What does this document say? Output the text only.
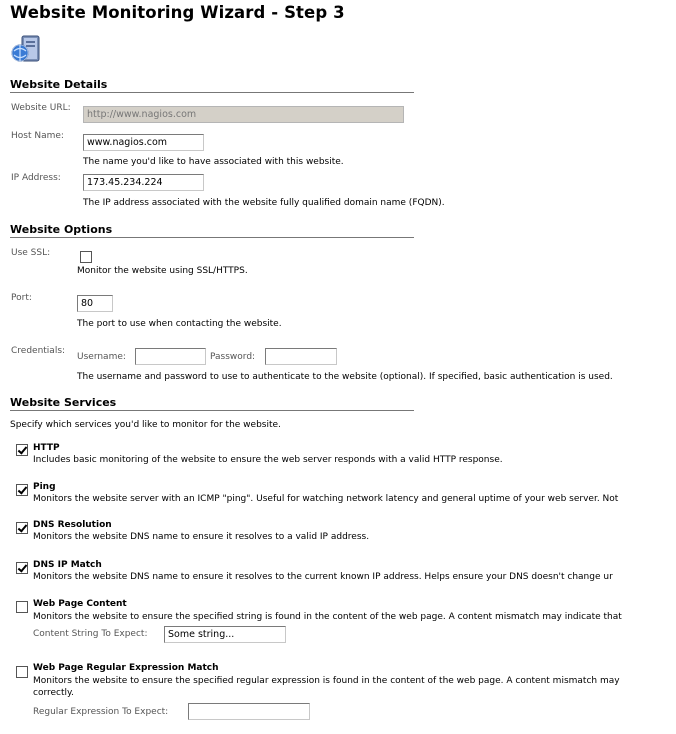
Website Monitoring Wizard - Step 3
Website Details
Website URL:
http://www.nagios.com
Host Name:
www.nagios.com
The name you'd like to have associated with this website.
IP Address:
173.45.234.224
The IP address associated with the website fully qualified domain name (FQDN).
Website Options
Use SSL:
Monitor the website using SSL/HTTPS.
Port:
80
The port to use when contacting the website.
Credentials:
Username:	Password:
The username and password to use to authenticate to the website (optional). If specified, basic authentication is used.
Website Services
Specify which services you'd like to monitor for the website.
HTTP
Includes basic monitoring of the website to ensure the web server responds with a valid HTTP response.
Ping
Monitors the website server with an ICMP "ping". Useful for watching network latency and general uptime of your web server. Not
DNS Resolution
Monitors the website DNS name to ensure it resolves to a valid IP address.
DNS IP Match
Monitors the website DNS name to ensure it resolves to the current known IP address. Helps ensure your DNS doesn't change ur
Web Page Content
Monitors the website to ensure the specified string is found in the content of the web page. A content mismatch may indicate that
Content String To Expect:
Some string...
Web Page Regular Expression Match
Monitors the website to ensure the specified regular expression is found in the content of the web page. A content mismatch may
correctly.
Regular Expression To Expect:
